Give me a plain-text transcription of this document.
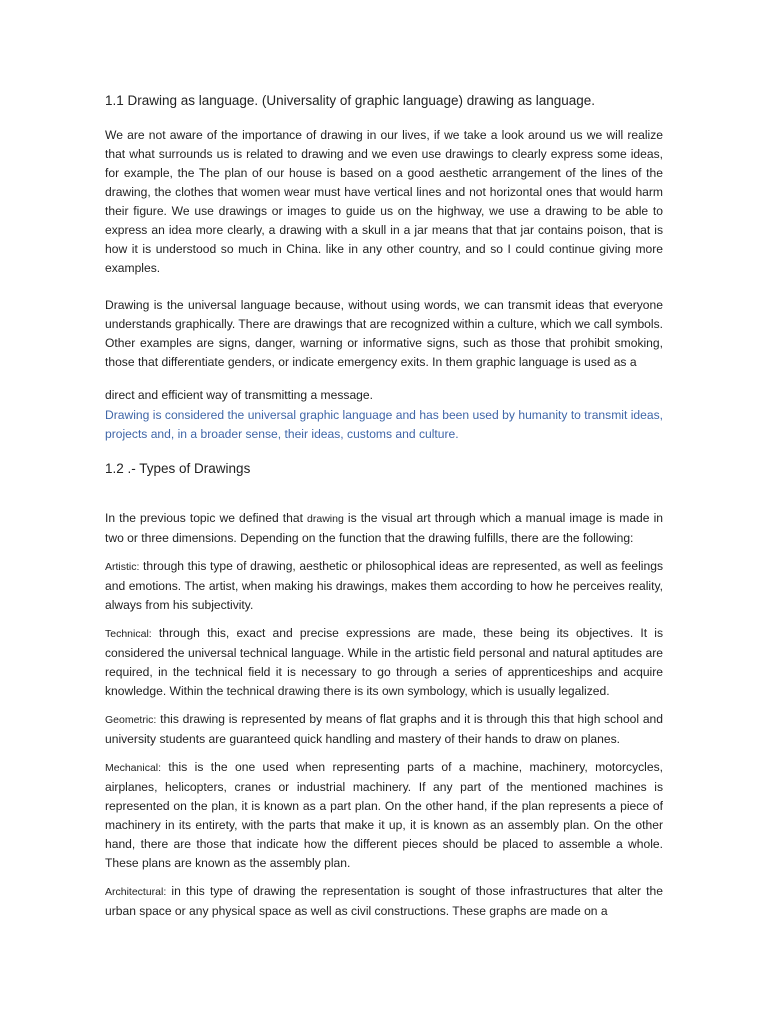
1.1 Drawing as language. (Universality of graphic language) drawing as language.

We are not aware of the importance of drawing in our lives, if we take a look around us we will realize that what surrounds us is related to drawing and we even use drawings to clearly express some ideas, for example, the The plan of our house is based on a good aesthetic arrangement of the lines of the drawing, the clothes that women wear must have vertical lines and not horizontal ones that would harm their figure. We use drawings or images to guide us on the highway, we use a drawing to be able to express an idea more clearly, a drawing with a skull in a jar means that that jar contains poison, that is how it is understood so much in China. like in any other country, and so I could continue giving more examples.

Drawing is the universal language because, without using words, we can transmit ideas that everyone understands graphically. There are drawings that are recognized within a culture, which we call symbols. Other examples are signs, danger, warning or informative signs, such as those that prohibit smoking, those that differentiate genders, or indicate emergency exits. In them graphic language is used as a

direct and efficient way of transmitting a message.

Drawing is considered the universal graphic language and has been used by humanity to transmit ideas, projects and, in a broader sense, their ideas, customs and culture.

1.2 .- Types of Drawings

In the previous topic we defined that drawing is the visual art through which a manual image is made in two or three dimensions. Depending on the function that the drawing fulfills, there are the following:

Artistic: through this type of drawing, aesthetic or philosophical ideas are represented, as well as feelings and emotions. The artist, when making his drawings, makes them according to how he perceives reality, always from his subjectivity.

Technical: through this, exact and precise expressions are made, these being its objectives. It is considered the universal technical language. While in the artistic field personal and natural aptitudes are required, in the technical field it is necessary to go through a series of apprenticeships and acquire knowledge. Within the technical drawing there is its own symbology, which is usually legalized.

Geometric: this drawing is represented by means of flat graphs and it is through this that high school and university students are guaranteed quick handling and mastery of their hands to draw on planes.

Mechanical: this is the one used when representing parts of a machine, machinery, motorcycles, airplanes, helicopters, cranes or industrial machinery. If any part of the mentioned machines is represented on the plan, it is known as a part plan. On the other hand, if the plan represents a piece of machinery in its entirety, with the parts that make it up, it is known as an assembly plan. On the other hand, there are those that indicate how the different pieces should be placed to assemble a whole. These plans are known as the assembly plan.

Architectural: in this type of drawing the representation is sought of those infrastructures that alter the urban space or any physical space as well as civil constructions. These graphs are made on a
